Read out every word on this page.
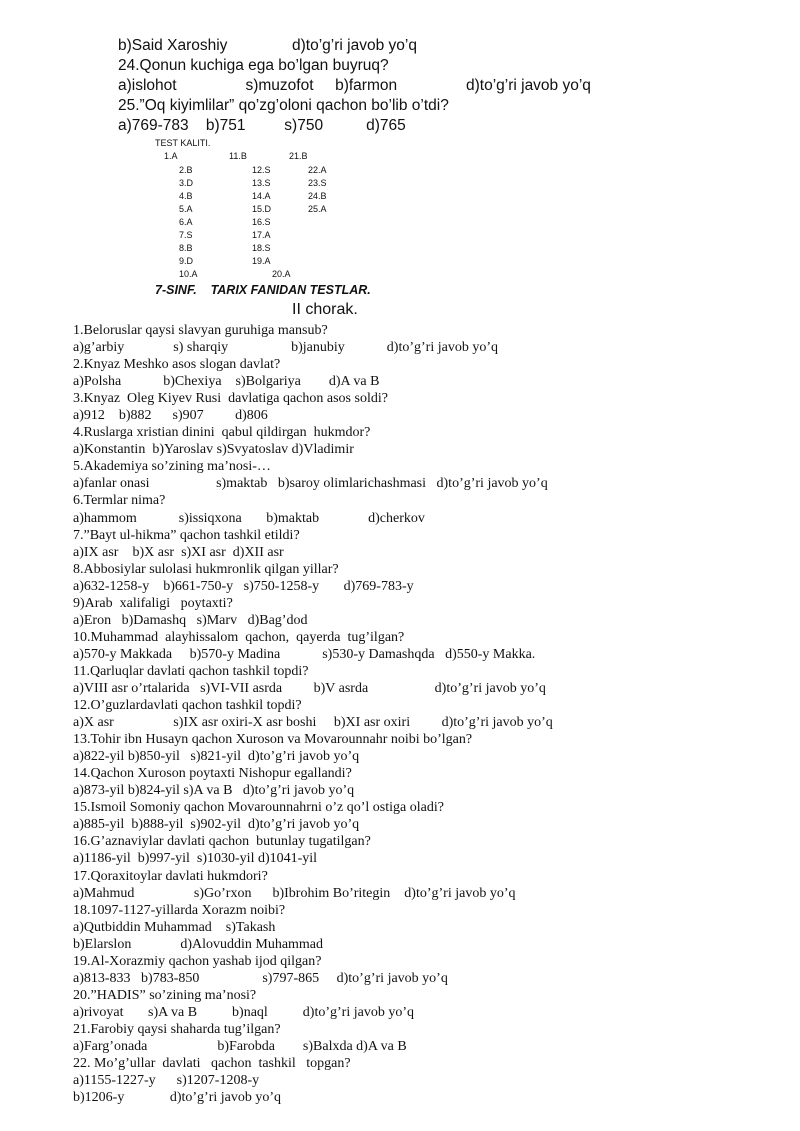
b)Said Xaroshiy               d)to’g’ri javob yo’q
24.Qonun kuchiga ega bo’lgan buyruq?
a)islohot                s)muzofot     b)farmon                d)to’g’ri javob yo’q
25.”Oq kiyimlilar” qo’zg’oloni qachon bo’lib o’tdi?
a)769-783    b)751         s)750          d)765
TEST KALITI.
1.A
2.B
3.D
4.B
5.A
6.A
7.S
8.B
9.D
10.A
11.B
12.S
13.S
14.A
15.D
16.S
17.A
18.S
19.A
20.A
21.B
22.A
23.S
24.B
25.A
7-SINF.    TARIX FANIDAN TESTLAR.
II chorak.
1.Beloruslar qaysi slavyan guruhiga mansub?
a)g’arbiy              s) sharqiy                  b)janubiy            d)to’g’ri javob yo’q
2.Knyaz Meshko asos slogan davlat?
a)Polsha            b)Chexiya    s)Bolgariya        d)A va B
3.Knyaz  Oleg Kiyev Rusi  davlatiga qachon asos soldi?
a)912    b)882      s)907         d)806
4.Ruslarga xristian dinini  qabul qildirgan  hukmdor?
a)Konstantin  b)Yaroslav s)Svyatoslav d)Vladimir
5.Akademiya so’zining ma’nosi-…
a)fanlar onasi                   s)maktab   b)saroy olimlarichashmasi   d)to’g’ri javob yo’q
6.Termlar nima?
a)hammom            s)issiqxona       b)maktab              d)cherkov
7.”Bayt ul-hikma” qachon tashkil etildi?
a)IX asr    b)X asr  s)XI asr  d)XII asr
8.Abbosiylar sulolasi hukmronlik qilgan yillar?
a)632-1258-y    b)661-750-y   s)750-1258-y       d)769-783-y
9)Arab  xalifaligi   poytaxti?
a)Eron   b)Damashq   s)Marv   d)Bag’dod
10.Muhammad  alayhissalom  qachon,  qayerda  tug’ilgan?
a)570-y Makkada     b)570-y Madina            s)530-y Damashqda   d)550-y Makka.
11.Qarluqlar davlati qachon tashkil topdi?
a)VIII asr o’rtalarida   s)VI-VII asrda         b)V asrda                   d)to’g’ri javob yo’q
12.O’guzlardavlati qachon tashkil topdi?
a)X asr                 s)IX asr oxiri-X asr boshi     b)XI asr oxiri         d)to’g’ri javob yo’q
13.Tohir ibn Husayn qachon Xuroson va Movarounnahr noibi bo’lgan?
a)822-yil b)850-yil   s)821-yil  d)to’g’ri javob yo’q
14.Qachon Xuroson poytaxti Nishopur egallandi?
a)873-yil b)824-yil s)A va B   d)to’g’ri javob yo’q
15.Ismoil Somoniy qachon Movarounnahrni o’z qo’l ostiga oladi?
a)885-yil  b)888-yil  s)902-yil  d)to’g’ri javob yo’q
16.G’aznaviylar davlati qachon  butunlay tugatilgan?
a)1186-yil  b)997-yil  s)1030-yil d)1041-yil
17.Qoraxitoylar davlati hukmdori?
a)Mahmud                 s)Go’rxon      b)Ibrohim Bo’ritegin    d)to’g’ri javob yo’q
18.1097-1127-yillarda Xorazm noibi?
a)Qutbiddin Muhammad    s)Takash
b)Elarslon              d)Alovuddin Muhammad
19.Al-Xorazmiy qachon yashab ijod qilgan?
a)813-833   b)783-850                  s)797-865     d)to’g’ri javob yo’q
20.”HADIS” so’zining ma’nosi?
a)rivoyat       s)A va B          b)naql          d)to’g’ri javob yo’q
21.Farobiy qaysi shaharda tug’ilgan?
a)Farg’onada                    b)Farobda        s)Balxda d)A va B
22. Mo’g’ullar  davlati   qachon  tashkil   topgan?
a)1155-1227-y      s)1207-1208-y
b)1206-y             d)to’g’ri javob yo’q
